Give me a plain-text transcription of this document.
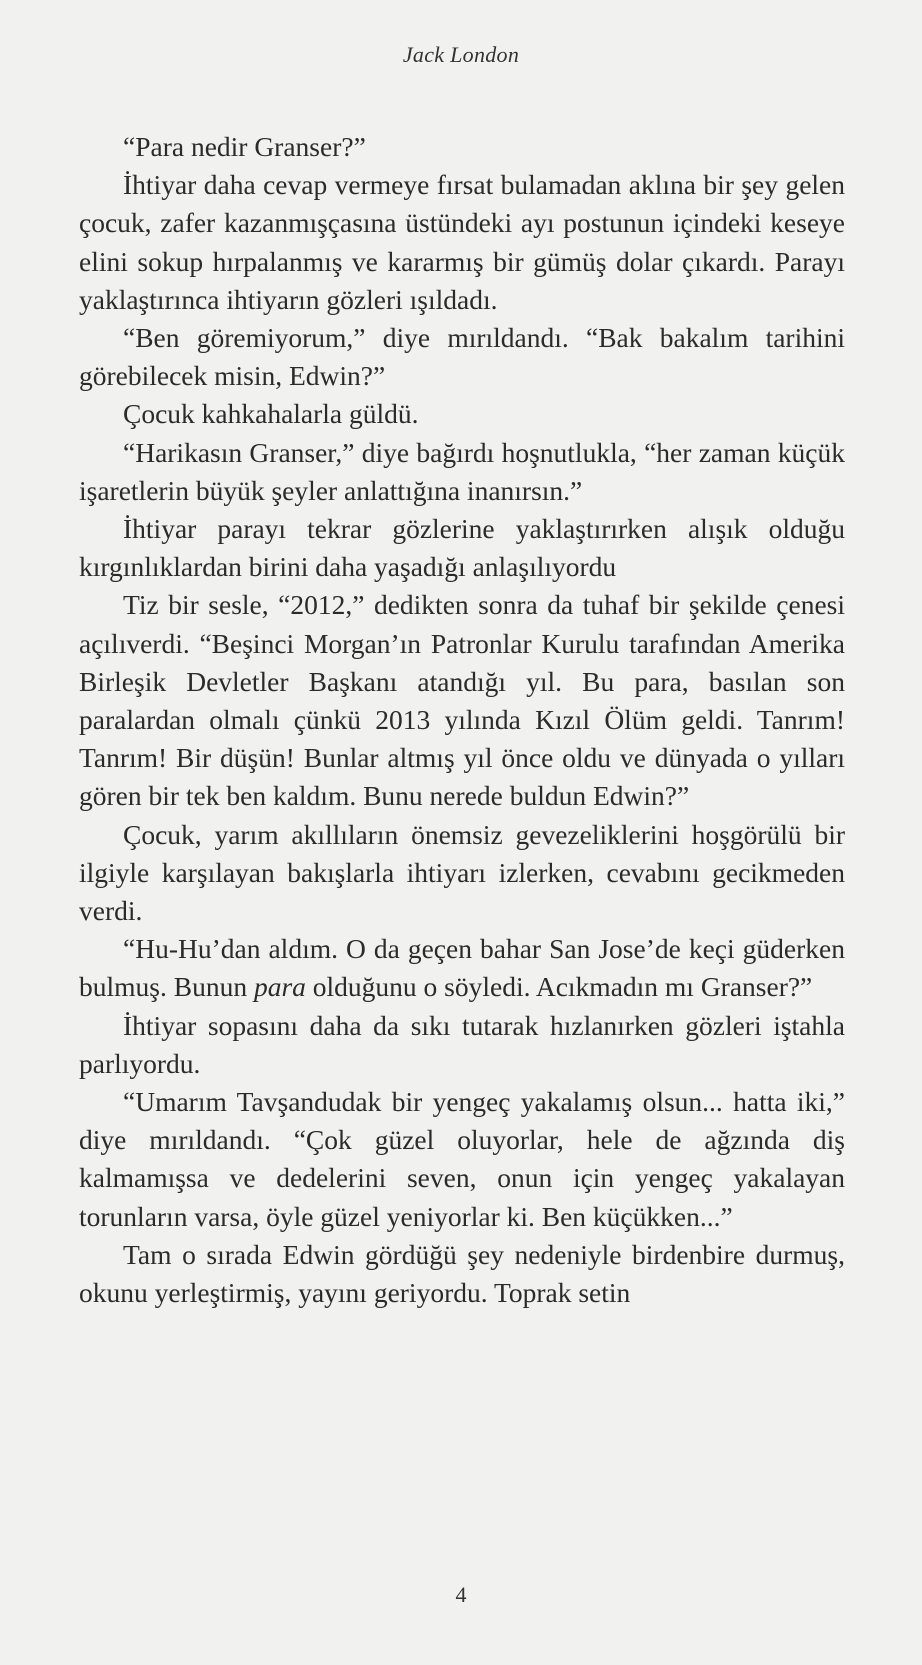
Jack London

“Para nedir Granser?”

İhtiyar daha cevap vermeye fırsat bulamadan aklına bir şey gelen çocuk, zafer kazanmışçasına üstündeki ayı postunun içindeki keseye elini sokup hırpalanmış ve kararmış bir gümüş dolar çıkardı. Parayı yaklaştırınca ihtiyarın gözleri ışıldadı.

“Ben göremiyorum,” diye mırıldandı. “Bak bakalım tarihini görebilecek misin, Edwin?”

Çocuk kahkahalarla güldü.

“Harikasın Granser,” diye bağırdı hoşnutlukla, “her zaman küçük işaretlerin büyük şeyler anlattığına inanırsın.”

İhtiyar parayı tekrar gözlerine yaklaştırırken alışık olduğu kırgınlıklardan birini daha yaşadığı anlaşılıyordu

Tiz bir sesle, “2012,” dedikten sonra da tuhaf bir şekilde çenesi açılıverdi. “Beşinci Morgan’ın Patronlar Kurulu tarafından Amerika Birleşik Devletler Başkanı atandığı yıl. Bu para, basılan son paralardan olmalı çünkü 2013 yılında Kızıl Ölüm geldi. Tanrım! Tanrım! Bir düşün! Bunlar altmış yıl önce oldu ve dünyada o yılları gören bir tek ben kaldım. Bunu nerede buldun Edwin?”

Çocuk, yarım akıllıların önemsiz gevezeliklerini hoşgörülü bir ilgiyle karşılayan bakışlarla ihtiyarı izlerken, cevabını gecikmeden verdi.

“Hu-Hu’dan aldım. O da geçen bahar San Jose’de keçi güderken bulmuş. Bunun para olduğunu o söyledi. Acıkmadın mı Granser?”

İhtiyar sopasını daha da sıkı tutarak hızlanırken gözleri iştahla parlıyordu.

“Umarım Tavşandudak bir yengeç yakalamış olsun... hatta iki,” diye mırıldandı. “Çok güzel oluyorlar, hele de ağzında diş kalmamışsa ve dedelerini seven, onun için yengeç yakalayan torunların varsa, öyle güzel yeniyorlar ki. Ben küçükken...”

Tam o sırada Edwin gördüğü şey nedeniyle birdenbire durmuş, okunu yerleştirmiş, yayını geriyordu. Toprak setin

4
